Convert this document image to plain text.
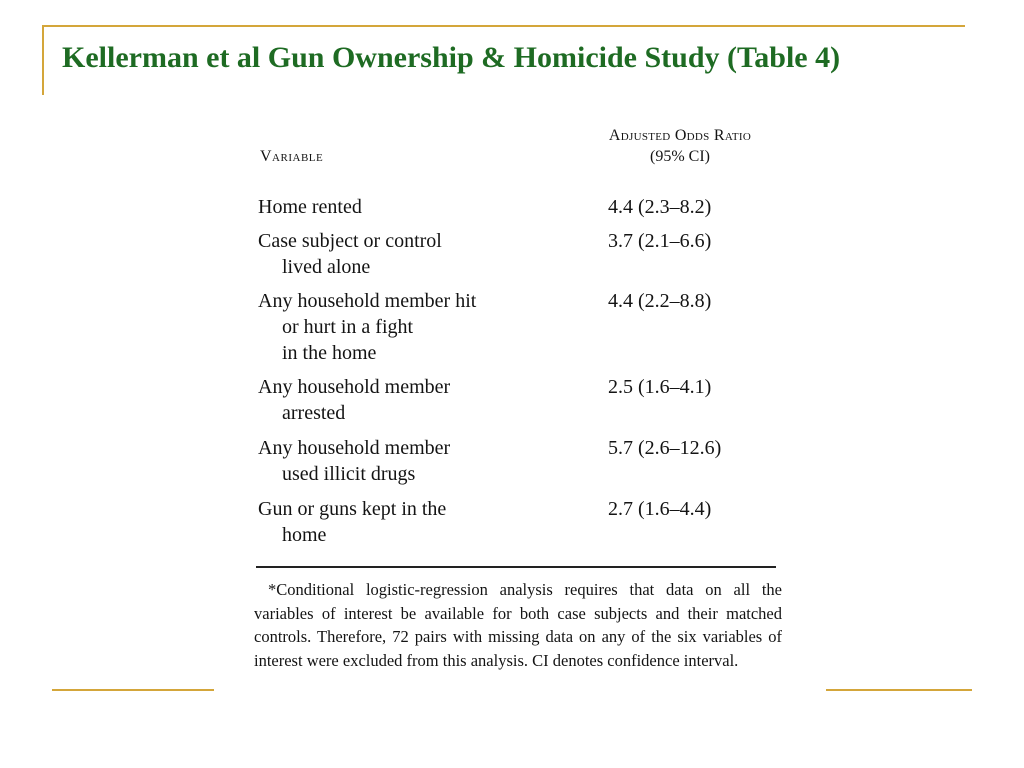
Kellerman et al Gun Ownership & Homicide Study (Table 4)
Variable
Adjusted Odds Ratio
(95% CI)
Home rented	4.4 (2.3–8.2)
Case subject or control
lived alone
3.7 (2.1–6.6)
Any household member hit
or hurt in a fight
in the home
4.4 (2.2–8.8)
Any household member
arrested
2.5 (1.6–4.1)
Any household member
used illicit drugs
5.7 (2.6–12.6)
Gun or guns kept in the
home
2.7 (1.6–4.4)

*Conditional logistic-regression analysis requires that data on all the variables of interest be available for both case subjects and their matched controls. Therefore, 72 pairs with missing data on any of the six variables of interest were excluded from this analysis. CI denotes confidence interval.
